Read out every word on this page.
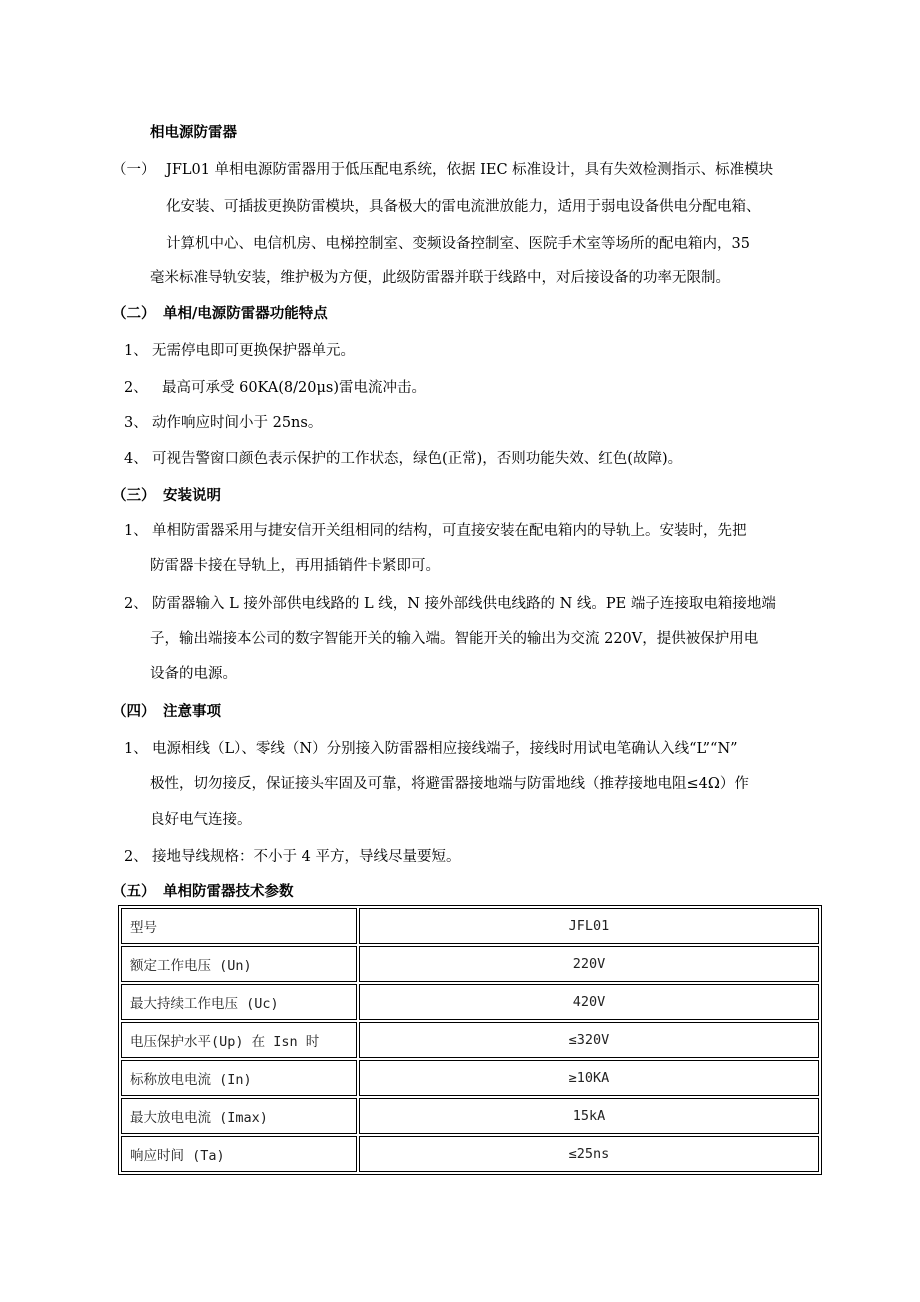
相电源防雷器
（一） JFL01 单相电源防雷器用于低压配电系统，依据 IEC 标准设计，具有失效检测指示、标准模块
化安装、可插拔更换防雷模块，具备极大的雷电流泄放能力，适用于弱电设备供电分配电箱、
计算机中心、电信机房、电梯控制室、变频设备控制室、医院手术室等场所的配电箱内，35
毫米标准导轨安装，维护极为方便，此级防雷器并联于线路中，对后接设备的功率无限制。
（二） 单相/电源防雷器功能特点
1、 无需停电即可更换保护器单元。
2、 最高可承受 60KA(8/20μs)雷电流冲击。
3、 动作响应时间小于 25ns。
4、 可视告警窗口颜色表示保护的工作状态，绿色(正常)，否则功能失效、红色(故障)。
（三） 安装说明
1、 单相防雷器采用与捷安信开关组相同的结构，可直接安装在配电箱内的导轨上。安装时，先把
防雷器卡接在导轨上，再用插销件卡紧即可。
2、 防雷器输入 L 接外部供电线路的 L 线，N 接外部线供电线路的 N 线。PE 端子连接取电箱接地端
子，输出端接本公司的数字智能开关的输入端。智能开关的输出为交流 220V，提供被保护用电
设备的电源。
（四） 注意事项
1、 电源相线（L）、零线（N）分别接入防雷器相应接线端子，接线时用试电笔确认入线“L”“N”
极性，切勿接反，保证接头牢固及可靠，将避雷器接地端与防雷地线（推荐接地电阻≤4Ω）作
良好电气连接。
2、 接地导线规格：不小于 4 平方，导线尽量要短。
（五） 单相防雷器技术参数
型号	JFL01
额定工作电压 (Un)	220V
最大持续工作电压 (Uc)	420V
电压保护水平(Up) 在 Isn 时	≤320V
标称放电电流 (In)	≥10KA
最大放电电流 (Imax)	15kA
响应时间 (Ta)	≤25ns
